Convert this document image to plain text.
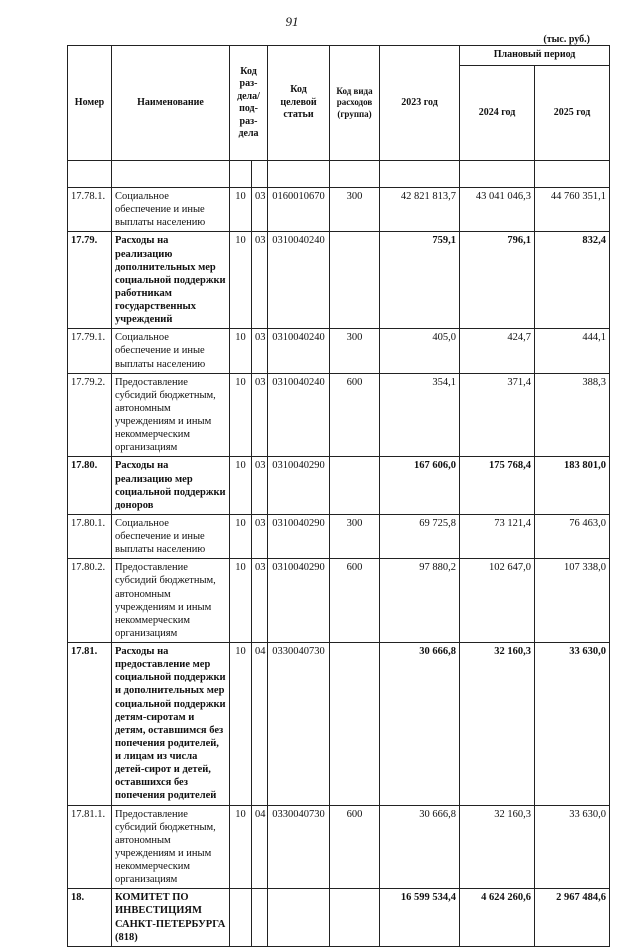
91
(тыс. руб.)
Номер	Наименование	Код раз- дела/ под- раз- дела		Код целевой статьи	Код вида расходов (группа)	2023 год	Плановый период	
							2024 год	2025 год

17.78.1.	Социальное обеспечение и иные выплаты населению	10	03	0160010670	300	42 821 813,7	43 041 046,3	44 760 351,1
17.79.	Расходы на реализацию дополнительных мер социальной поддержки работникам государственных учреждений	10	03	0310040240		759,1	796,1	832,4
17.79.1.	Социальное обеспечение и иные выплаты населению	10	03	0310040240	300	405,0	424,7	444,1
17.79.2.	Предоставление субсидий бюджетным, автономным учреждениям и иным некоммерческим организациям	10	03	0310040240	600	354,1	371,4	388,3
17.80.	Расходы на реализацию мер социальной поддержки доноров	10	03	0310040290		167 606,0	175 768,4	183 801,0
17.80.1.	Социальное обеспечение и иные выплаты населению	10	03	0310040290	300	69 725,8	73 121,4	76 463,0
17.80.2.	Предоставление субсидий бюджетным, автономным учреждениям и иным некоммерческим организациям	10	03	0310040290	600	97 880,2	102 647,0	107 338,0
17.81.	Расходы на предоставление мер социальной поддержки и дополнительных мер социальной поддержки детям-сиротам и детям, оставшимся без попечения родителей, и лицам из числа детей-сирот и детей, оставшихся без попечения родителей	10	04	0330040730		30 666,8	32 160,3	33 630,0
17.81.1.	Предоставление субсидий бюджетным, автономным учреждениям и иным некоммерческим организациям	10	04	0330040730	600	30 666,8	32 160,3	33 630,0
18.	КОМИТЕТ ПО ИНВЕСТИЦИЯМ САНКТ-ПЕТЕРБУРГА (818)					16 599 534,4	4 624 260,6	2 967 484,6
